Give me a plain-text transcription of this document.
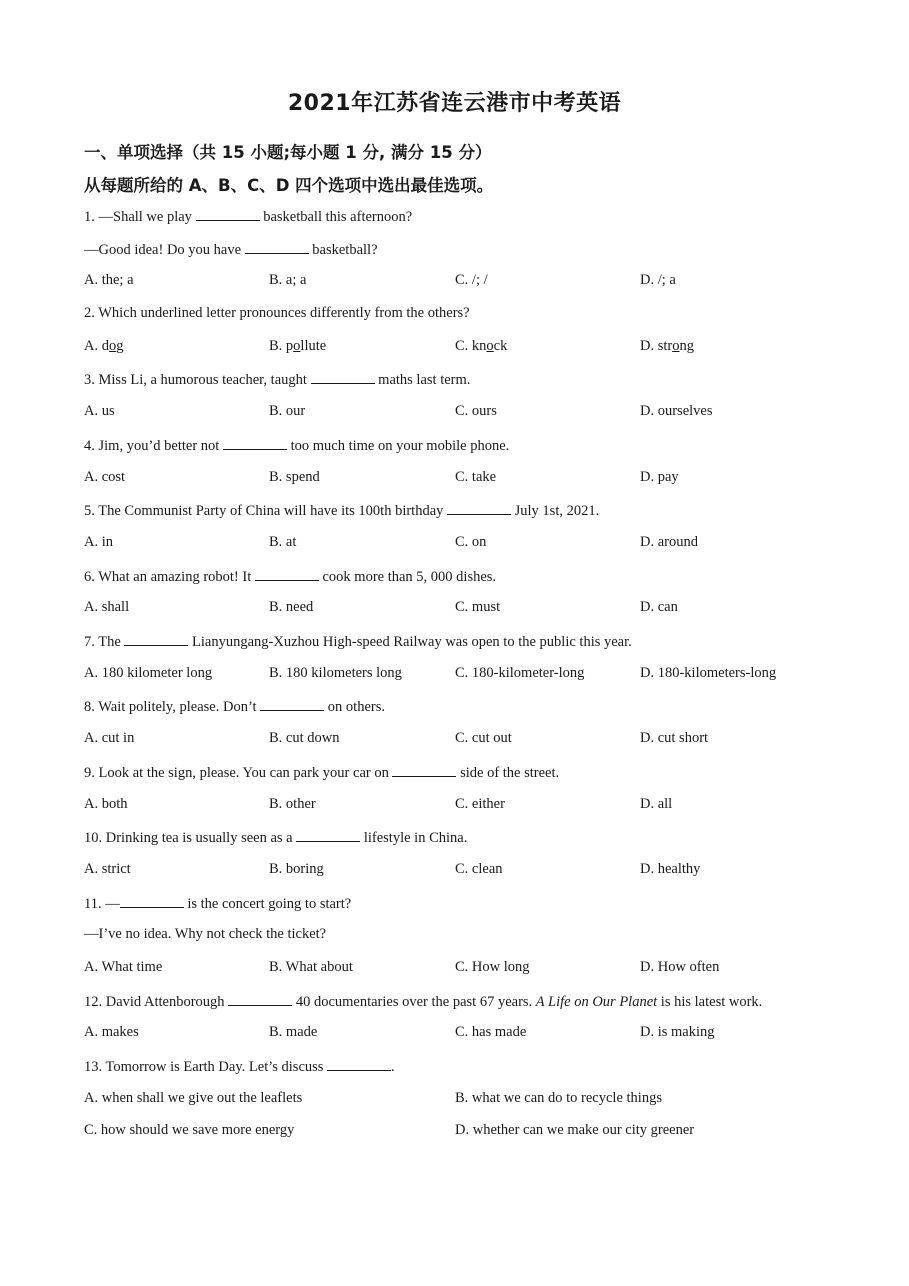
2021年江苏省连云港市中考英语
一、单项选择（共 15 小题;每小题 1 分, 满分 15 分）
从每题所给的 A、B、C、D 四个选项中选出最佳选项。
1. —Shall we play	basketball this afternoon?
—Good idea! Do you have	basketball?
A. the; a	B. a; a	C. /; /	D. /; a
2. Which underlined letter pronounces differently from the others?
A. dog	B. pollute	C. knock	D. strong
3. Miss Li, a humorous teacher, taught	maths last term.
A. us	B. our	C. ours	D. ourselves
4. Jim, you’d better not	too much time on your mobile phone.
A. cost	B. spend	C. take	D. pay
5. The Communist Party of China will have its 100th birthday	July 1st, 2021.
A. in	B. at	C. on	D. around
6. What an amazing robot! It	cook more than 5, 000 dishes.
A. shall	B. need	C. must	D. can
7. The	Lianyungang-Xuzhou High-speed Railway was open to the public this year.
A. 180 kilometer long	B. 180 kilometers long	C. 180-kilometer-long	D. 180-kilometers-long
8. Wait politely, please. Don’t	on others.
A. cut in	B. cut down	C. cut out	D. cut short
9. Look at the sign, please. You can park your car on	side of the street.
A. both	B. other	C. either	D. all
10. Drinking tea is usually seen as a	lifestyle in China.
A. strict	B. boring	C. clean	D. healthy
11. —	is the concert going to start?
—I’ve no idea. Why not check the ticket?
A. What time	B. What about	C. How long	D. How often
12. David Attenborough	40 documentaries over the past 67 years. A Life on Our Planet is his latest work.
A. makes	B. made	C. has made	D. is making
13. Tomorrow is Earth Day. Let’s discuss	.
A. when shall we give out the leaflets	B. what we can do to recycle things
C. how should we save more energy	D. whether can we make our city greener
